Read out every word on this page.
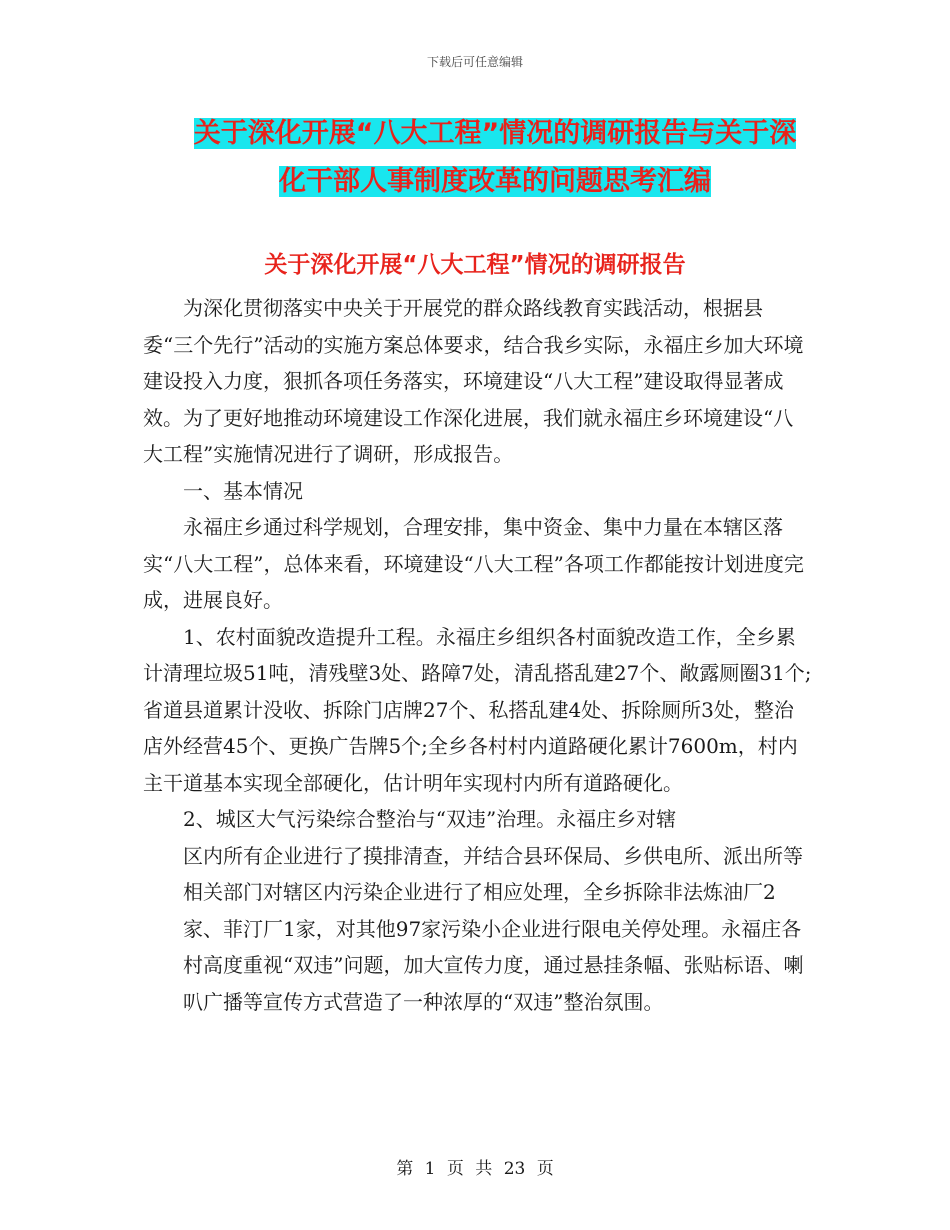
下载后可任意编辑
关于深化开展“八大工程”情况的调研报告与关于深
化干部人事制度改革的问题思考汇编
关于深化开展“八大工程”情况的调研报告

为深化贯彻落实中央关于开展党的群众路线教育实践活动，根据县委“三个先行”活动的实施方案总体要求，结合我乡实际，永福庄乡加大环境建设投入力度，狠抓各项任务落实，环境建设“八大工程”建设取得显著成效。为了更好地推动环境建设工作深化进展，我们就永福庄乡环境建设“八大工程”实施情况进行了调研，形成报告。

一、基本情况

永福庄乡通过科学规划，合理安排，集中资金、集中力量在本辖区落实“八大工程”，总体来看，环境建设“八大工程”各项工作都能按计划进度完成，进展良好。

1、农村面貌改造提升工程。永福庄乡组织各村面貌改造工作，全乡累计清理垃圾51吨，清残壁3处、路障7处，清乱搭乱建27个、敞露厕圈31个;省道县道累计没收、拆除门店牌27个、私搭乱建4处、拆除厕所3处，整治店外经营45个、更换广告牌5个;全乡各村村内道路硬化累计7600m，村内主干道基本实现全部硬化，估计明年实现村内所有道路硬化。

2、城区大气污染综合整治与“双违”治理。永福庄乡对辖

区内所有企业进行了摸排清查，并结合县环保局、乡供电所、派出所等相关部门对辖区内污染企业进行了相应处理，全乡拆除非法炼油厂2家、菲汀厂1家，对其他97家污染小企业进行限电关停处理。永福庄各村高度重视“双违”问题，加大宣传力度，通过悬挂条幅、张贴标语、喇叭广播等宣传方式营造了一种浓厚的“双违”整治氛围。

第 1 页 共 23 页
